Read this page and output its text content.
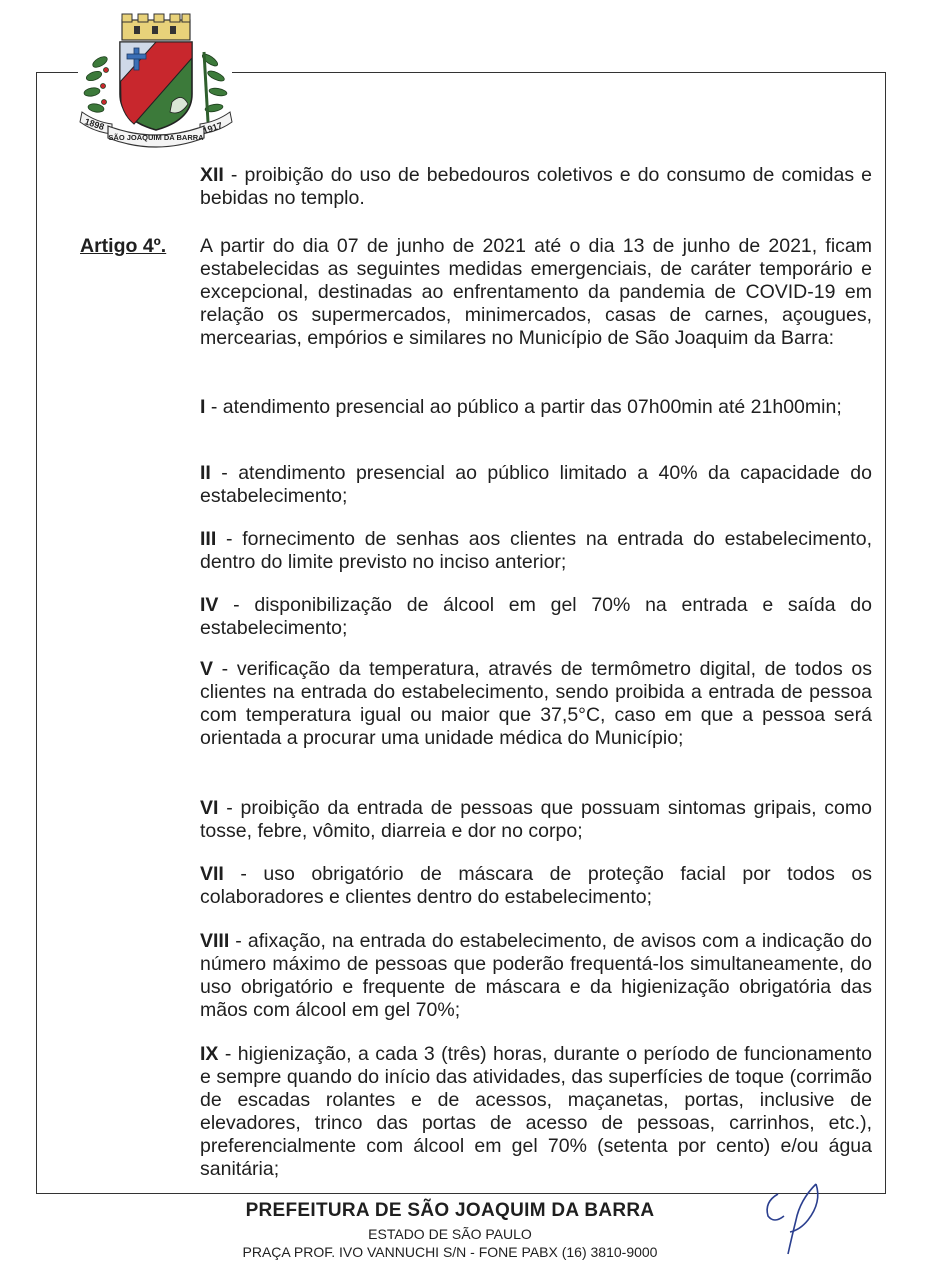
1898	1917
SÃO JOAQUIM DA BARRA
XII - proibição do uso de bebedouros coletivos e do consumo de comidas e bebidas no templo.
Artigo 4º. A partir do dia 07 de junho de 2021 até o dia 13 de junho de 2021, ficam estabelecidas as seguintes medidas emergenciais, de caráter temporário e excepcional, destinadas ao enfrentamento da pandemia de COVID-19 em relação os supermercados, minimercados, casas de carnes, açougues, mercearias, empórios e similares no Município de São Joaquim da Barra:
I - atendimento presencial ao público a partir das 07h00min até 21h00min;
II - atendimento presencial ao público limitado a 40% da capacidade do estabelecimento;
III - fornecimento de senhas aos clientes na entrada do estabelecimento, dentro do limite previsto no inciso anterior;
IV - disponibilização de álcool em gel 70% na entrada e saída do estabelecimento;
V - verificação da temperatura, através de termômetro digital, de todos os clientes na entrada do estabelecimento, sendo proibida a entrada de pessoa com temperatura igual ou maior que 37,5°C, caso em que a pessoa será orientada a procurar uma unidade médica do Município;
VI - proibição da entrada de pessoas que possuam sintomas gripais, como tosse, febre, vômito, diarreia e dor no corpo;
VII - uso obrigatório de máscara de proteção facial por todos os colaboradores e clientes dentro do estabelecimento;
VIII - afixação, na entrada do estabelecimento, de avisos com a indicação do número máximo de pessoas que poderão frequentá-los simultaneamente, do uso obrigatório e frequente de máscara e da higienização obrigatória das mãos com álcool em gel 70%;
IX - higienização, a cada 3 (três) horas, durante o período de funcionamento e sempre quando do início das atividades, das superfícies de toque (corrimão de escadas rolantes e de acessos, maçanetas, portas, inclusive de elevadores, trinco das portas de acesso de pessoas, carrinhos, etc.), preferencialmente com álcool em gel 70% (setenta por cento) e/ou água sanitária;
PREFEITURA DE SÃO JOAQUIM DA BARRA
ESTADO DE SÃO PAULO
PRAÇA PROF. IVO VANNUCHI S/N - FONE PABX (16) 3810-9000
